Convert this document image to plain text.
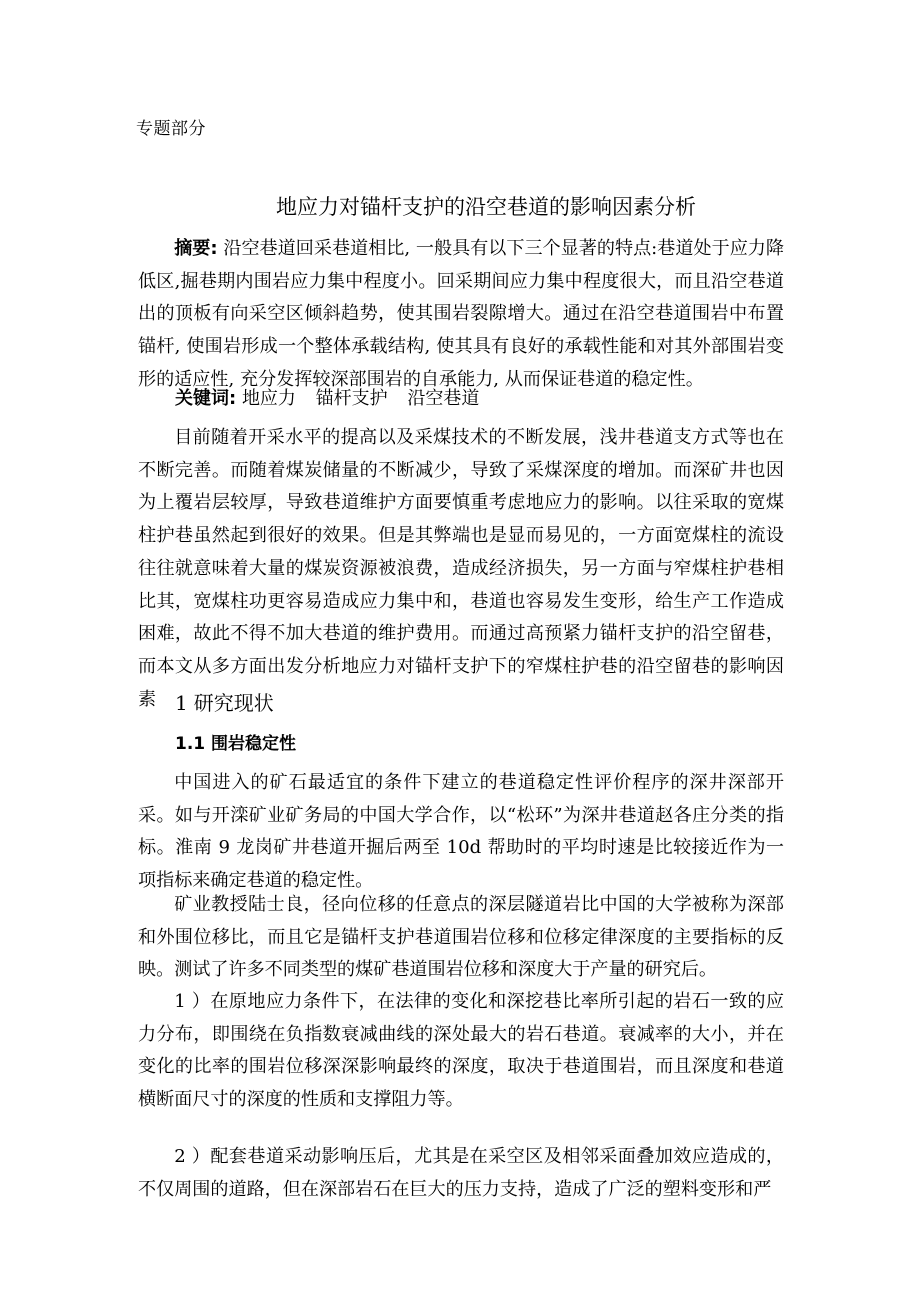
专题部分
地应力对锚杆支护的沿空巷道的影响因素分析
摘要: 沿空巷道回采巷道相比, 一般具有以下三个显著的特点:巷道处于应力降低区,掘巷期内围岩应力集中程度小。回采期间应力集中程度很大，而且沿空巷道出的顶板有向采空区倾斜趋势，使其围岩裂隙增大。通过在沿空巷道围岩中布置锚杆, 使围岩形成一个整体承载结构, 使其具有良好的承载性能和对其外部围岩变形的适应性, 充分发挥较深部围岩的自承能力, 从而保证巷道的稳定性。
关键词: 地应力 锚杆支护 沿空巷道
目前随着开采水平的提高以及采煤技术的不断发展，浅井巷道支方式等也在不断完善。而随着煤炭储量的不断减少，导致了采煤深度的增加。而深矿井也因为上覆岩层较厚，导致巷道维护方面要慎重考虑地应力的影响。以往采取的宽煤柱护巷虽然起到很好的效果。但是其弊端也是显而易见的，一方面宽煤柱的流设往往就意味着大量的煤炭资源被浪费，造成经济损失，另一方面与窄煤柱护巷相比其，宽煤柱功更容易造成应力集中和，巷道也容易发生变形，给生产工作造成困难，故此不得不加大巷道的维护费用。而通过高预紧力锚杆支护的沿空留巷，而本文从多方面出发分析地应力对锚杆支护下的窄煤柱护巷的沿空留巷的影响因素 1 研究现状
1.1 围岩稳定性
中国进入的矿石最适宜的条件下建立的巷道稳定性评价程序的深井深部开采。如与开滦矿业矿务局的中国大学合作，以“松环”为深井巷道赵各庄分类的指标。淮南 9 龙岗矿井巷道开掘后两至 10d 帮助时的平均时速是比较接近作为一项指标来确定巷道的稳定性。
矿业教授陆士良，径向位移的任意点的深层隧道岩比中国的大学被称为深部和外围位移比，而且它是锚杆支护巷道围岩位移和位移定律深度的主要指标的反映。测试了许多不同类型的煤矿巷道围岩位移和深度大于产量的研究后。
1 ）在原地应力条件下，在法律的变化和深挖巷比率所引起的岩石一致的应力分布，即围绕在负指数衰减曲线的深处最大的岩石巷道。衰减率的大小，并在变化的比率的围岩位移深深影响最终的深度，取决于巷道围岩，而且深度和巷道横断面尺寸的深度的性质和支撑阻力等。
2 ）配套巷道采动影响压后，尤其是在采空区及相邻采面叠加效应造成的，不仅周围的道路，但在深部岩石在巨大的压力支持，造成了广泛的塑料变形和严
